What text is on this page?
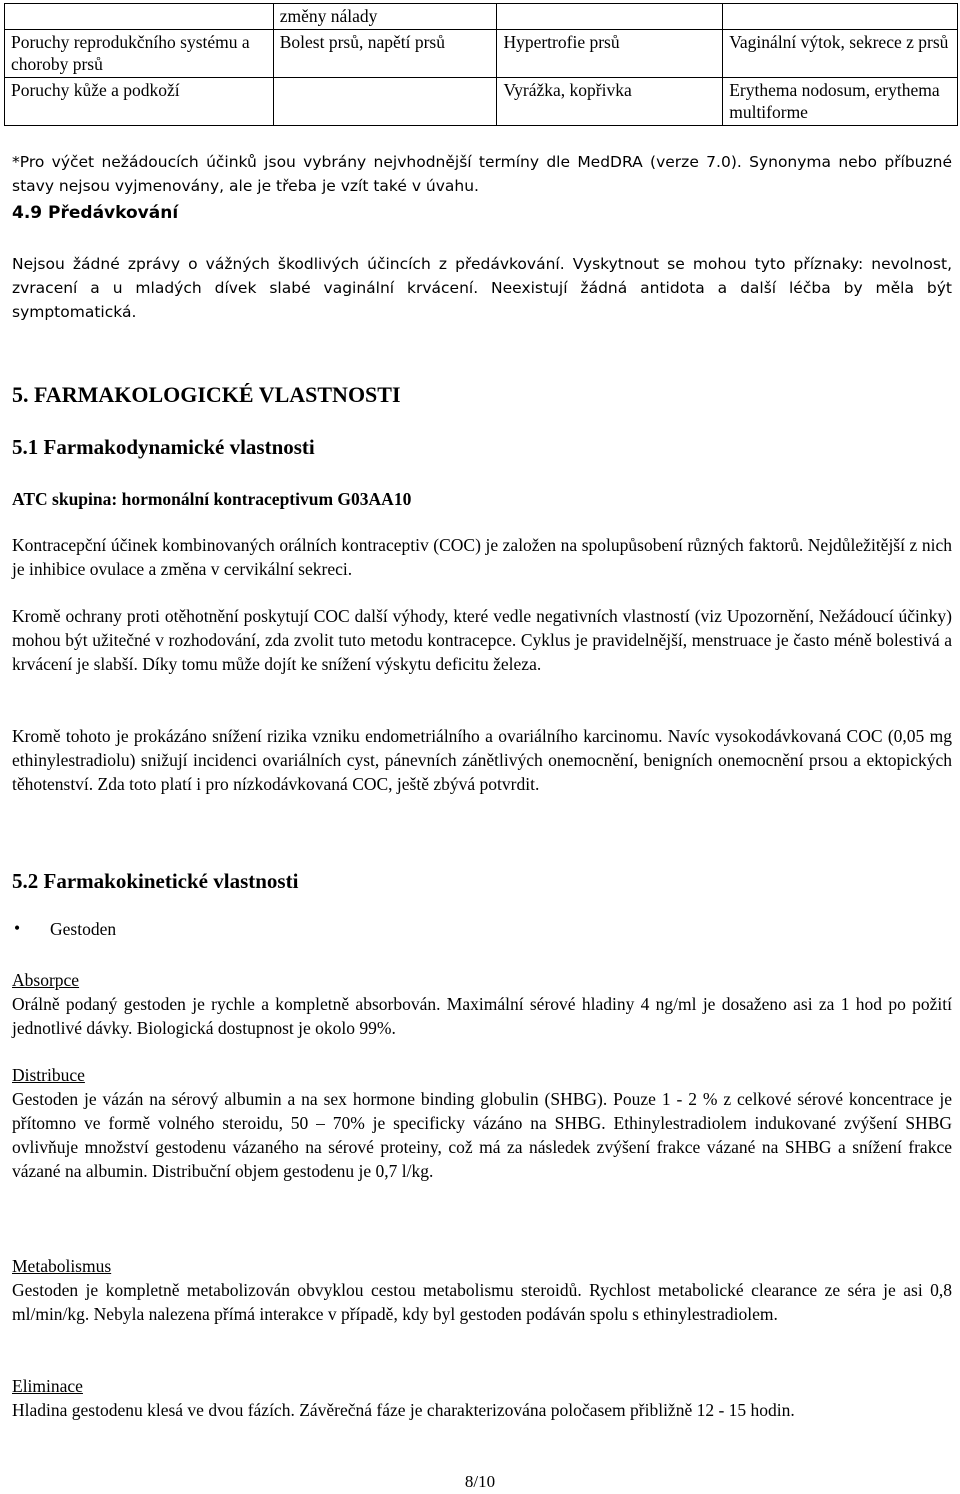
	změny nálady		
Poruchy reprodukčního systému a choroby prsů	Bolest prsů, napětí prsů	Hypertrofie prsů	Vaginální výtok, sekrece z prsů
Poruchy kůže a podkoží		Vyrážka, kopřivka	Erythema nodosum, erythema multiforme

*Pro výčet nežádoucích účinků jsou vybrány nejvhodnější termíny dle MedDRA (verze 7.0). Synonyma nebo příbuzné stavy nejsou vyjmenovány, ale je třeba je vzít také v úvahu.

4.9 Předávkování

Nejsou žádné zprávy o vážných škodlivých účincích z předávkování. Vyskytnout se mohou tyto příznaky: nevolnost, zvracení a u mladých dívek slabé vaginální krvácení. Neexistují žádná antidota a další léčba by měla být symptomatická.

5. FARMAKOLOGICKÉ VLASTNOSTI

5.1 Farmakodynamické vlastnosti

ATC skupina: hormonální kontraceptivum G03AA10

Kontracepční účinek kombinovaných orálních kontraceptiv (COC) je založen na spolupůsobení různých faktorů. Nejdůležitější z nich je inhibice ovulace a změna v cervikální sekreci.

Kromě ochrany proti otěhotnění poskytují COC další výhody, které vedle negativních vlastností (viz Upozornění, Nežádoucí účinky) mohou být užitečné v rozhodování, zda zvolit tuto metodu kontracepce. Cyklus je pravidelnější, menstruace je často méně bolestivá a krvácení je slabší. Díky tomu může dojít ke snížení výskytu deficitu železa.

Kromě tohoto je prokázáno snížení rizika vzniku endometriálního a ovariálního karcinomu. Navíc vysokodávkovaná COC (0,05 mg ethinylestradiolu) snižují incidenci ovariálních cyst, pánevních zánětlivých onemocnění, benigních onemocnění prsou a ektopických těhotenství. Zda toto platí i pro nízkodávkovaná COC, ještě zbývá potvrdit.

5.2 Farmakokinetické vlastnosti

• Gestoden

Absorpce

Orálně podaný gestoden je rychle a kompletně absorbován. Maximální sérové hladiny 4 ng/ml je dosaženo asi za 1 hod po požití jednotlivé dávky. Biologická dostupnost je okolo 99%.

Distribuce

Gestoden je vázán na sérový albumin a na sex hormone binding globulin (SHBG). Pouze 1 - 2 % z celkové sérové koncentrace je přítomno ve formě volného steroidu, 50 – 70% je specificky vázáno na SHBG. Ethinylestradiolem indukované zvýšení SHBG ovlivňuje množství gestodenu vázaného na sérové proteiny, což má za následek zvýšení frakce vázané na SHBG a snížení frakce vázané na albumin. Distribuční objem gestodenu je 0,7 l/kg.

Metabolismus

Gestoden je kompletně metabolizován obvyklou cestou metabolismu steroidů. Rychlost metabolické clearance ze séra je asi 0,8 ml/min/kg. Nebyla nalezena přímá interakce v případě, kdy byl gestoden podáván spolu s ethinylestradiolem.

Eliminace

Hladina gestodenu klesá ve dvou fázích. Závěrečná fáze je charakterizována poločasem přibližně 12 - 15 hodin.

8/10
